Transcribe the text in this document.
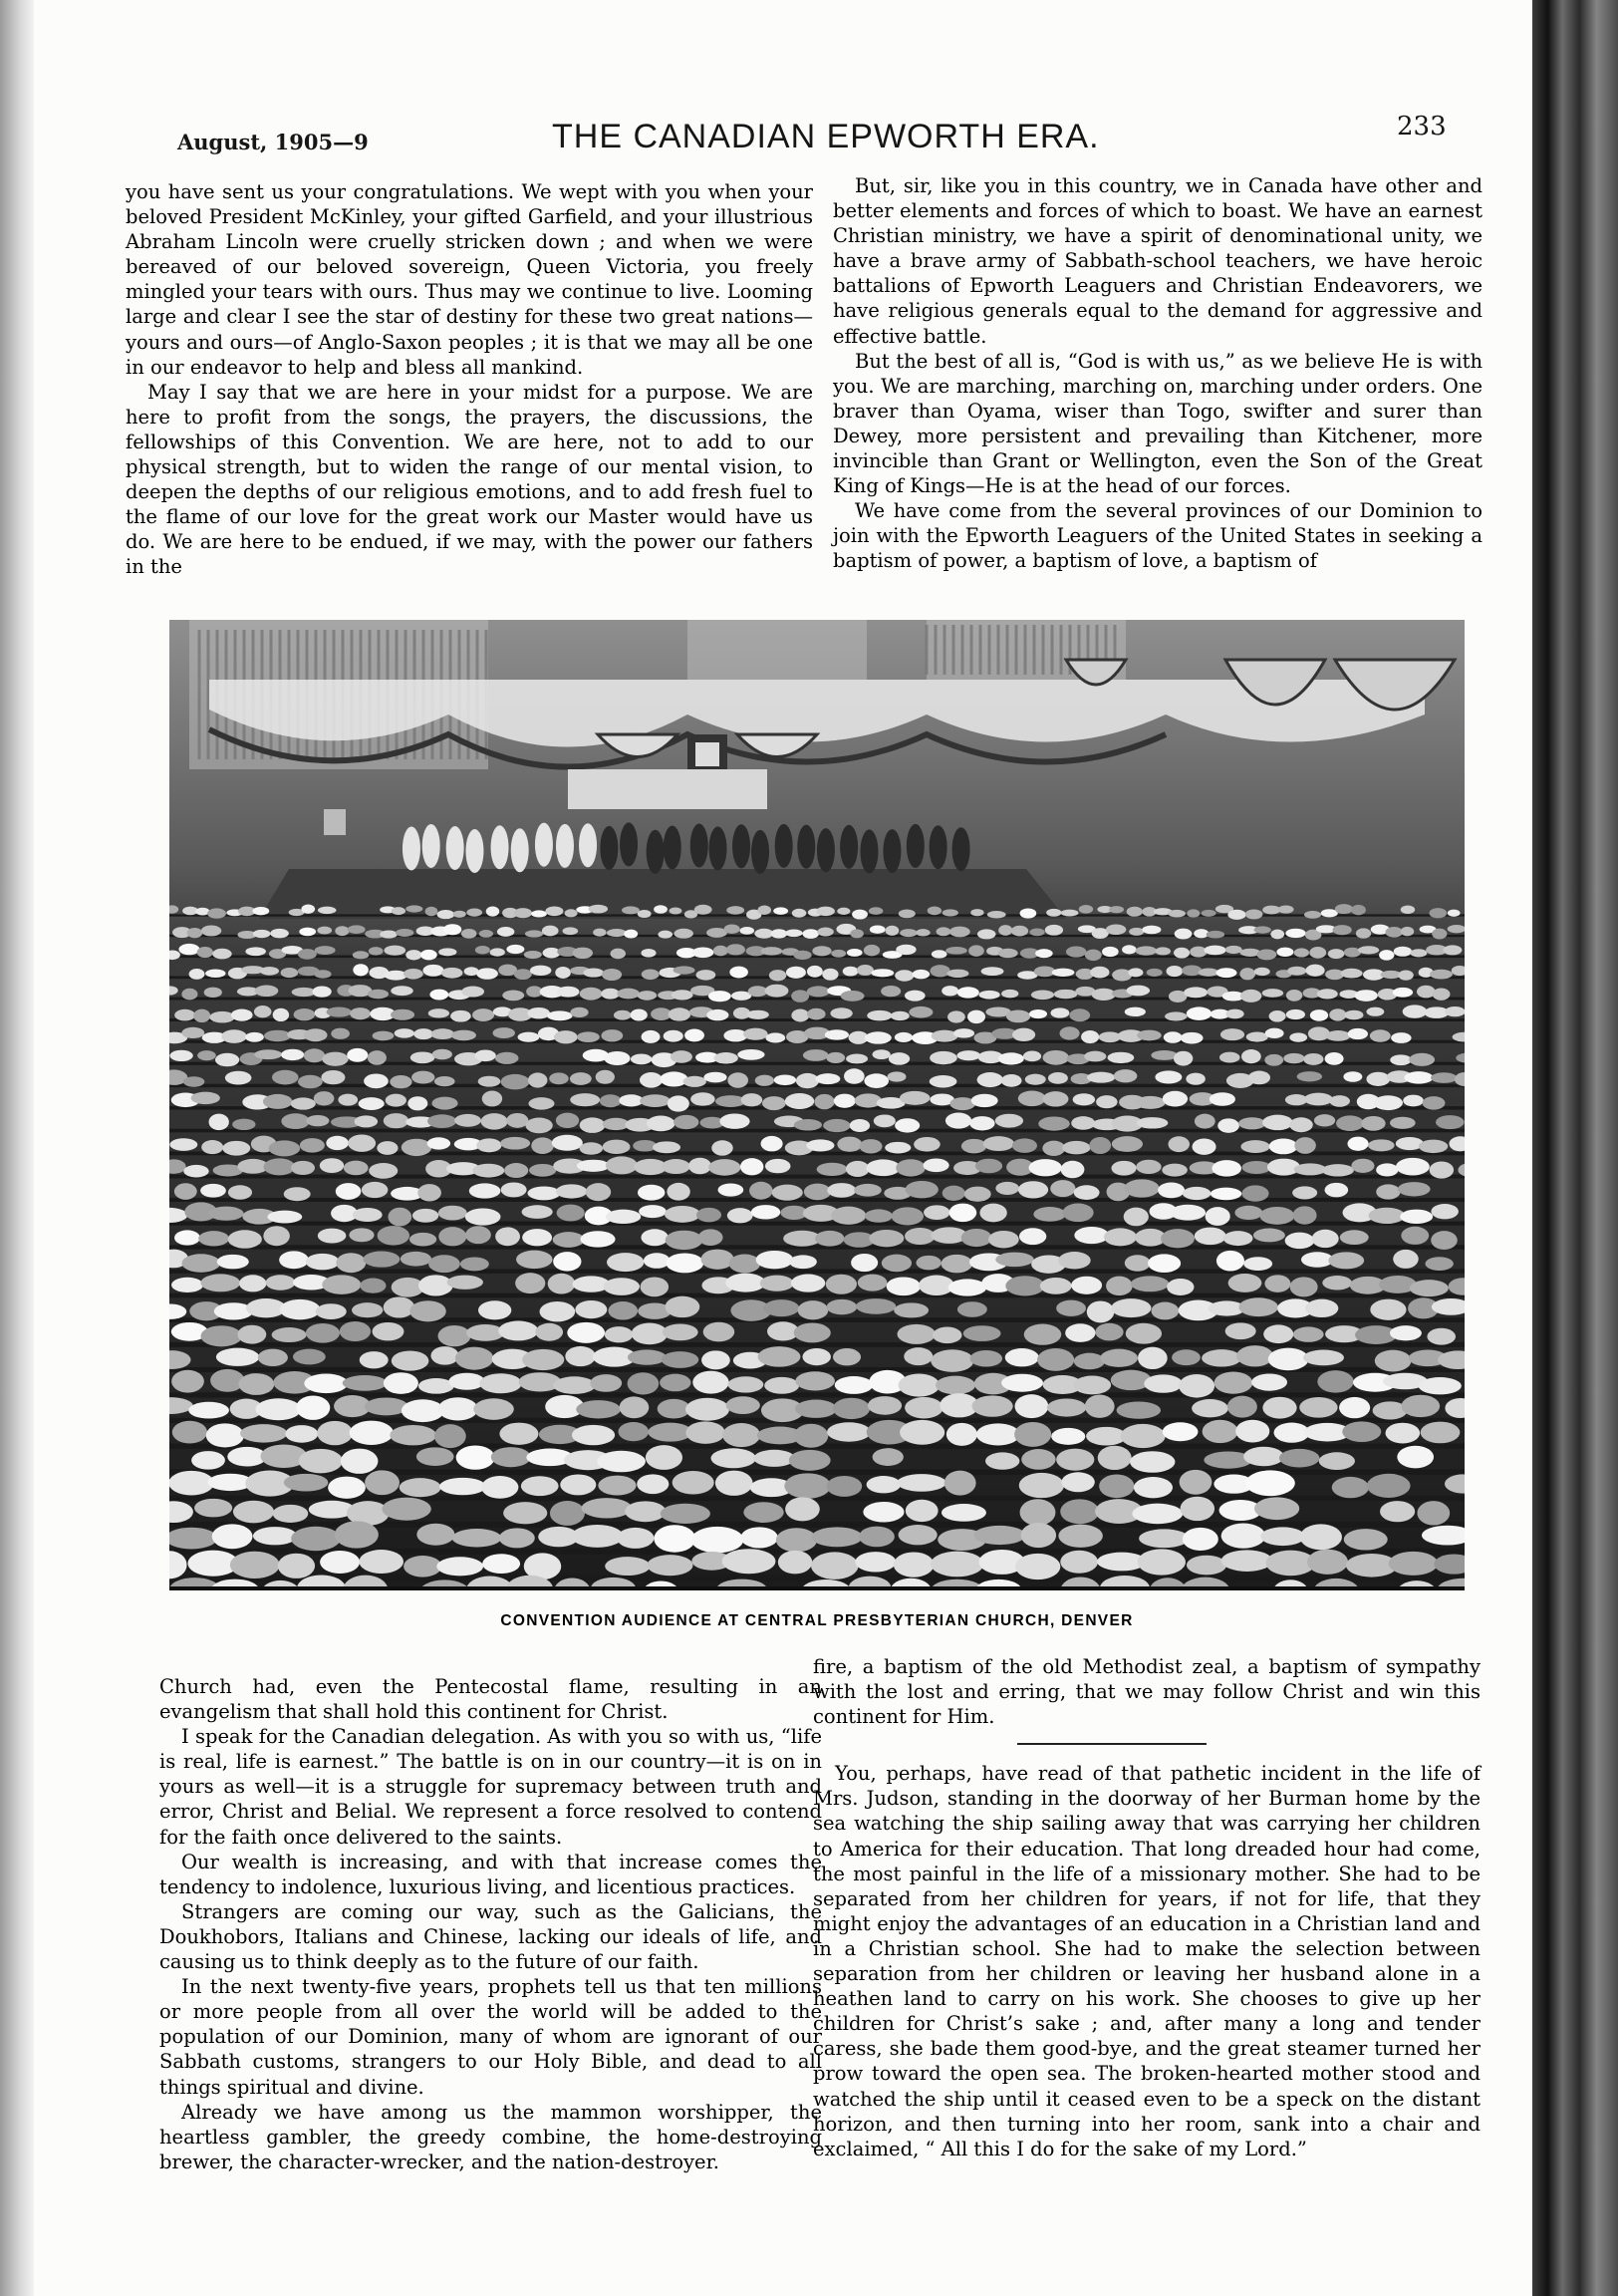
August, 1905—9	THE CANADIAN EPWORTH ERA.	233

you have sent us your congratulations. We wept with you when your beloved President McKinley, your gifted Garfield, and your illustrious Abraham Lincoln were cruelly stricken down ; and when we were bereaved of our beloved sovereign, Queen Victoria, you freely mingled your tears with ours. Thus may we continue to live. Looming large and clear I see the star of destiny for these two great nations—yours and ours—of Anglo-Saxon peoples ; it is that we may all be one in our endeavor to help and bless all mankind.

May I say that we are here in your midst for a purpose. We are here to profit from the songs, the prayers, the discussions, the fellowships of this Convention. We are here, not to add to our physical strength, but to widen the range of our mental vision, to deepen the depths of our religious emotions, and to add fresh fuel to the flame of our love for the great work our Master would have us do. We are here to be endued, if we may, with the power our fathers in the

But, sir, like you in this country, we in Canada have other and better elements and forces of which to boast. We have an earnest Christian ministry, we have a spirit of denominational unity, we have a brave army of Sabbath-school teachers, we have heroic battalions of Epworth Leaguers and Christian Endeavorers, we have religious generals equal to the demand for aggressive and effective battle.

But the best of all is, “God is with us,” as we believe He is with you. We are marching, marching on, marching under orders. One braver than Oyama, wiser than Togo, swifter and surer than Dewey, more persistent and prevailing than Kitchener, more invincible than Grant or Wellington, even the Son of the Great King of Kings—He is at the head of our forces.

We have come from the several provinces of our Dominion to join with the Epworth Leaguers of the United States in seeking a baptism of power, a baptism of love, a baptism of

CONVENTION AUDIENCE AT CENTRAL PRESBYTERIAN CHURCH, DENVER

Church had, even the Pentecostal flame, resulting in an evangelism that shall hold this continent for Christ.

I speak for the Canadian delegation. As with you so with us, “life is real, life is earnest.” The battle is on in our country—it is on in yours as well—it is a struggle for supremacy between truth and error, Christ and Belial. We represent a force resolved to contend for the faith once delivered to the saints.

Our wealth is increasing, and with that increase comes the tendency to indolence, luxurious living, and licentious practices.

Strangers are coming our way, such as the Galicians, the Doukhobors, Italians and Chinese, lacking our ideals of life, and causing us to think deeply as to the future of our faith.

In the next twenty-five years, prophets tell us that ten millions or more people from all over the world will be added to the population of our Dominion, many of whom are ignorant of our Sabbath customs, strangers to our Holy Bible, and dead to all things spiritual and divine.

Already we have among us the mammon worshipper, the heartless gambler, the greedy combine, the home-destroying brewer, the character-wrecker, and the nation-destroyer.

fire, a baptism of the old Methodist zeal, a baptism of sympathy with the lost and erring, that we may follow Christ and win this continent for Him.

You, perhaps, have read of that pathetic incident in the life of Mrs. Judson, standing in the doorway of her Burman home by the sea watching the ship sailing away that was carrying her children to America for their education. That long dreaded hour had come, the most painful in the life of a missionary mother. She had to be separated from her children for years, if not for life, that they might enjoy the advantages of an education in a Christian land and in a Christian school. She had to make the selection between separation from her children or leaving her husband alone in a heathen land to carry on his work. She chooses to give up her children for Christ’s sake ; and, after many a long and tender caress, she bade them good-bye, and the great steamer turned her prow toward the open sea. The broken-hearted mother stood and watched the ship until it ceased even to be a speck on the distant horizon, and then turning into her room, sank into a chair and exclaimed, “ All this I do for the sake of my Lord.”
